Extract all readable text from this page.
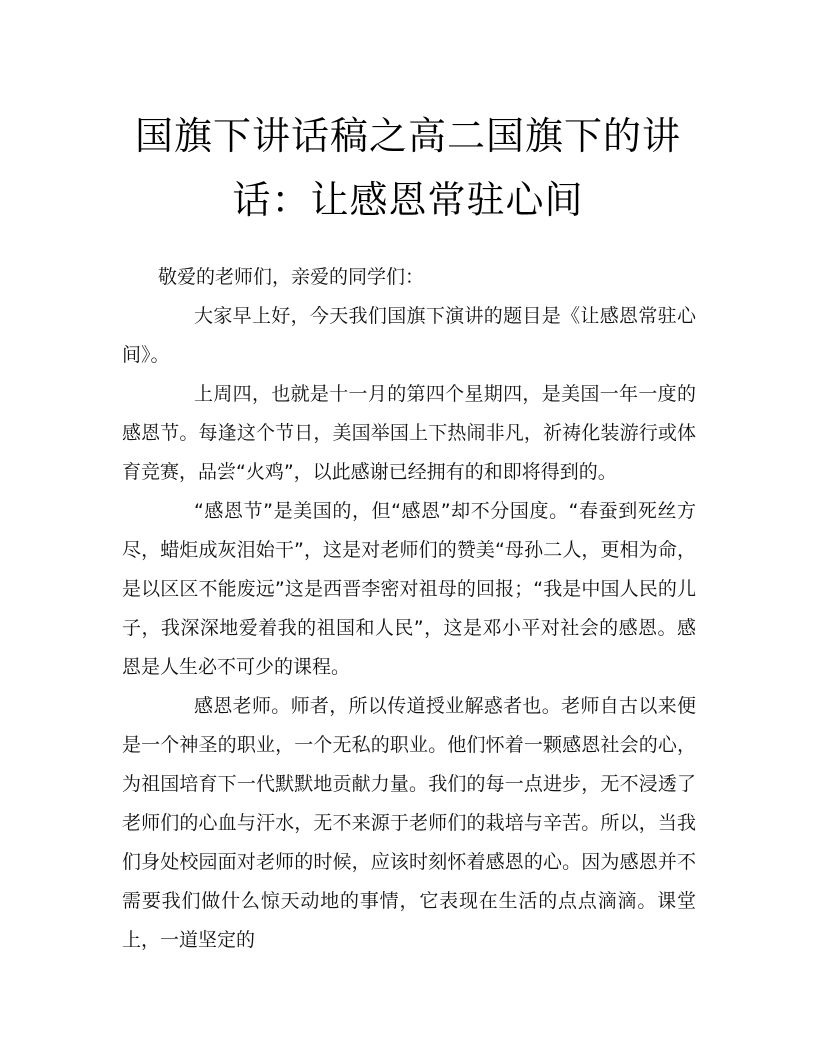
国旗下讲话稿之高二国旗下的讲话：让感恩常驻心间

敬爱的老师们，亲爱的同学们：

大家早上好，今天我们国旗下演讲的题目是《让感恩常驻心间》。

上周四，也就是十一月的第四个星期四，是美国一年一度的感恩节。每逢这个节日，美国举国上下热闹非凡，祈祷化装游行或体育竞赛，品尝“火鸡”，以此感谢已经拥有的和即将得到的。

“感恩节”是美国的，但“感恩”却不分国度。“春蚕到死丝方尽，蜡炬成灰泪始干”，这是对老师们的赞美“母孙二人，更相为命，是以区区不能废远”这是西晋李密对祖母的回报；“我是中国人民的儿子，我深深地爱着我的祖国和人民”，这是邓小平对社会的感恩。感恩是人生必不可少的课程。

感恩老师。师者，所以传道授业解惑者也。老师自古以来便是一个神圣的职业，一个无私的职业。他们怀着一颗感恩社会的心，为祖国培育下一代默默地贡献力量。我们的每一点进步，无不浸透了老师们的心血与汗水，无不来源于老师们的栽培与辛苦。所以，当我们身处校园面对老师的时候，应该时刻怀着感恩的心。因为感恩并不需要我们做什么惊天动地的事情，它表现在生活的点点滴滴。课堂上，一道坚定的
